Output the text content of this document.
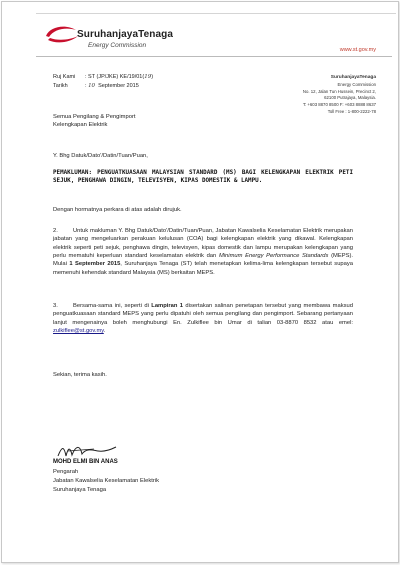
SuruhanjayaTenaga
Energy Commission
www.st.gov.my
SuruhanjayaTenaga
Energy Commission
No. 12, Jalan Tun Hussein, Precinct 2,
62100 Putrajaya, Malaysia.
T: +603 8870 8500 F: +603 8888 8637
Toll Free : 1-800-2222-78
Ruj Kami : ST (JP/JKE) KE/19/01(19)
Tarikh	: 10 September 2015
Semua Pengilang & Pengimport
Kelengkapan Elektrik
Y. Bhg Datuk/Dato'/Datin/Tuan/Puan,
PEMAKLUMAN: PENGUATKUASAAN MALAYSIAN STANDARD (MS) BAGI KELENGKAPAN ELEKTRIK PETI SEJUK, PENGHAWA DINGIN, TELEVISYEN, KIPAS DOMESTIK & LAMPU.
Dengan hormatnya perkara di atas adalah dirujuk.
2.	Untuk makluman Y. Bhg Datuk/Dato'/Datin/Tuan/Puan, Jabatan Kawalselia Keselamatan Elektrik merupakan jabatan yang mengeluarkan perakuan kelulusan (COA) bagi kelengkapan elektrik yang dikawal. Kelengkapan elektrik seperti peti sejuk, penghawa dingin, televisyen, kipas domestik dan lampu merupakan kelengkapan yang perlu mematuhi keperluan standard keselamatan elektrik dan Minimum Energy Performance Standards (MEPS). Mulai 1 September 2015, Suruhanjaya Tenaga (ST) telah menetapkan kelima-lima kelengkapan tersebut supaya memenuhi kehendak standard Malaysia (MS) berkaitan MEPS.
3.	Bersama-sama ini, seperti di Lampiran 1 disertakan salinan penetapan tersebut yang membawa maksud penguatkuasaan standard MEPS yang perlu dipatuhi oleh semua pengilang dan pengimport. Sebarang pertanyaan lanjut mengenainya boleh menghubungi En. Zulkiflee bin Umar di talian 03-8870 8532 atau emel: zulkiflee@st.gov.my.
Sekian, terima kasih.
MOHD ELMI BIN ANAS
Pengarah
Jabatan Kawalselia Keselamatan Elektrik
Suruhanjaya Tenaga
